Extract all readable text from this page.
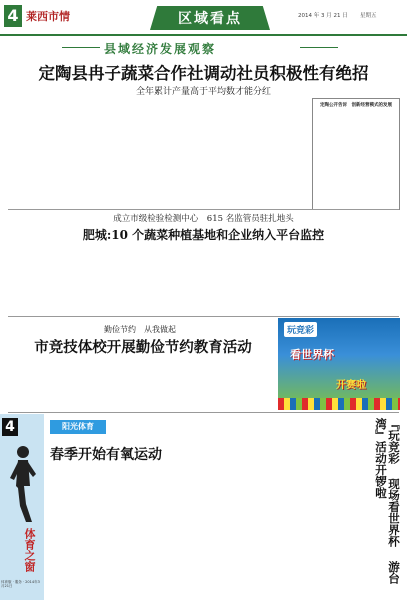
4 莱西市情	区域看点	2014 年 3 月 21 日 星期五
县域经济发展观察
定陶县冉子蔬菜合作社调动社员积极性有绝招
全年累计产量高于平均数才能分红
定陶公开告诉　创新经营模式的发展
成立市级检验检测中心　615 名监管员驻扎地头
肥城:10 个蔬菜种植基地和企业纳入平台监控
勤俭节约　从我做起
市竞技体校开展勤俭节约教育活动
玩竞彩
看世界杯
开赛啦
4
体育之窗
体育版 · 服务 · 2014年3月21日
阳光体育
春季开始有氧运动	『玩竞彩 现场看世界杯 游台湾』活动开锣啦
